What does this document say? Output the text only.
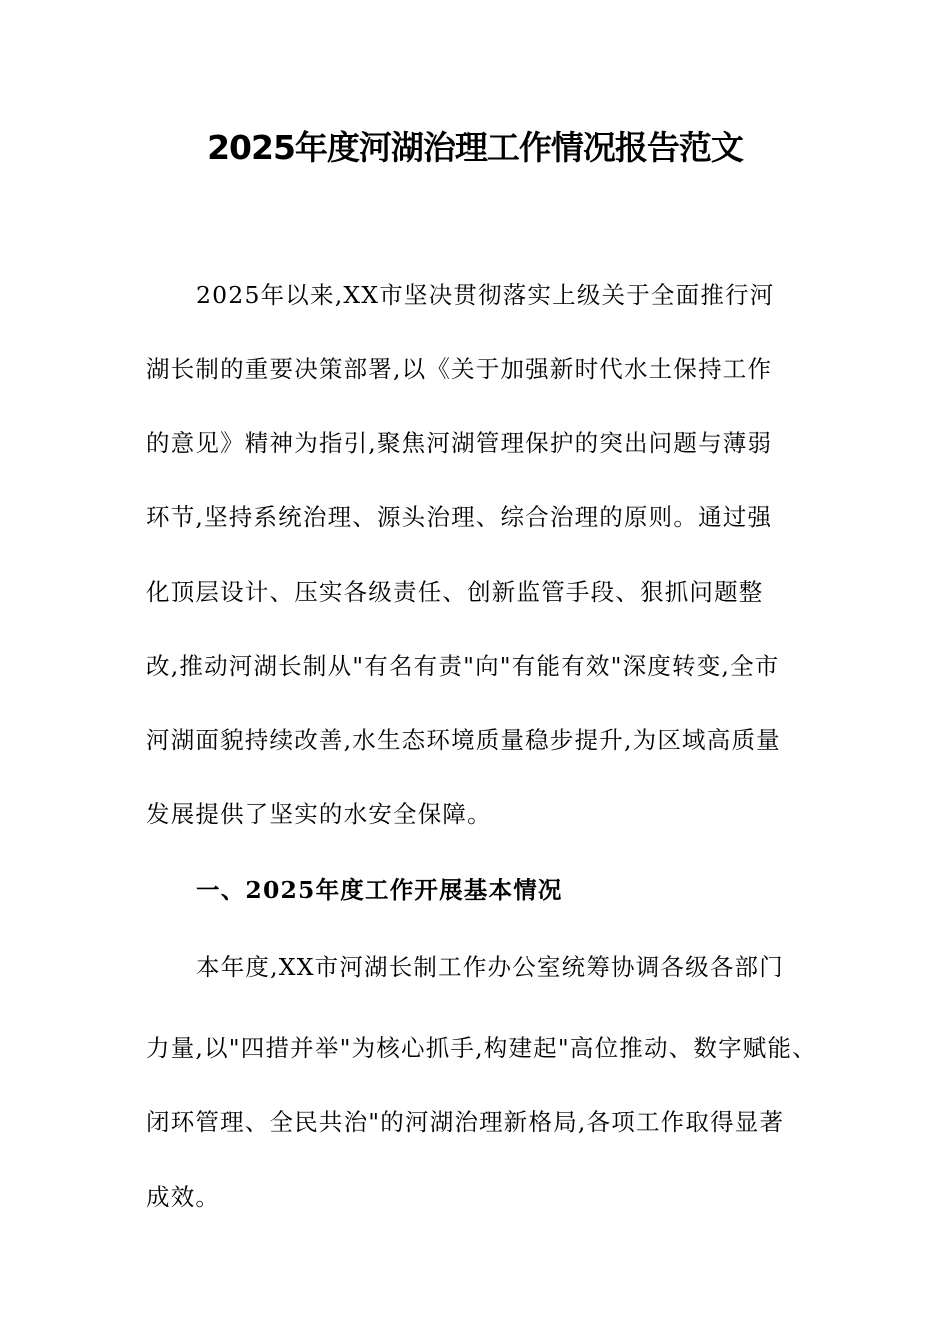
2025年度河湖治理工作情况报告范文
2025年以来,XX市坚决贯彻落实上级关于全面推行河
湖长制的重要决策部署,以《关于加强新时代水土保持工作
的意见》精神为指引,聚焦河湖管理保护的突出问题与薄弱
环节,坚持系统治理、源头治理、综合治理的原则。通过强
化顶层设计、压实各级责任、创新监管手段、狠抓问题整
改,推动河湖长制从"有名有责"向"有能有效"深度转变,全市
河湖面貌持续改善,水生态环境质量稳步提升,为区域高质量
发展提供了坚实的水安全保障。
一、2025年度工作开展基本情况
本年度,XX市河湖长制工作办公室统筹协调各级各部门
力量,以"四措并举"为核心抓手,构建起"高位推动、数字赋能、
闭环管理、全民共治"的河湖治理新格局,各项工作取得显著
成效。
